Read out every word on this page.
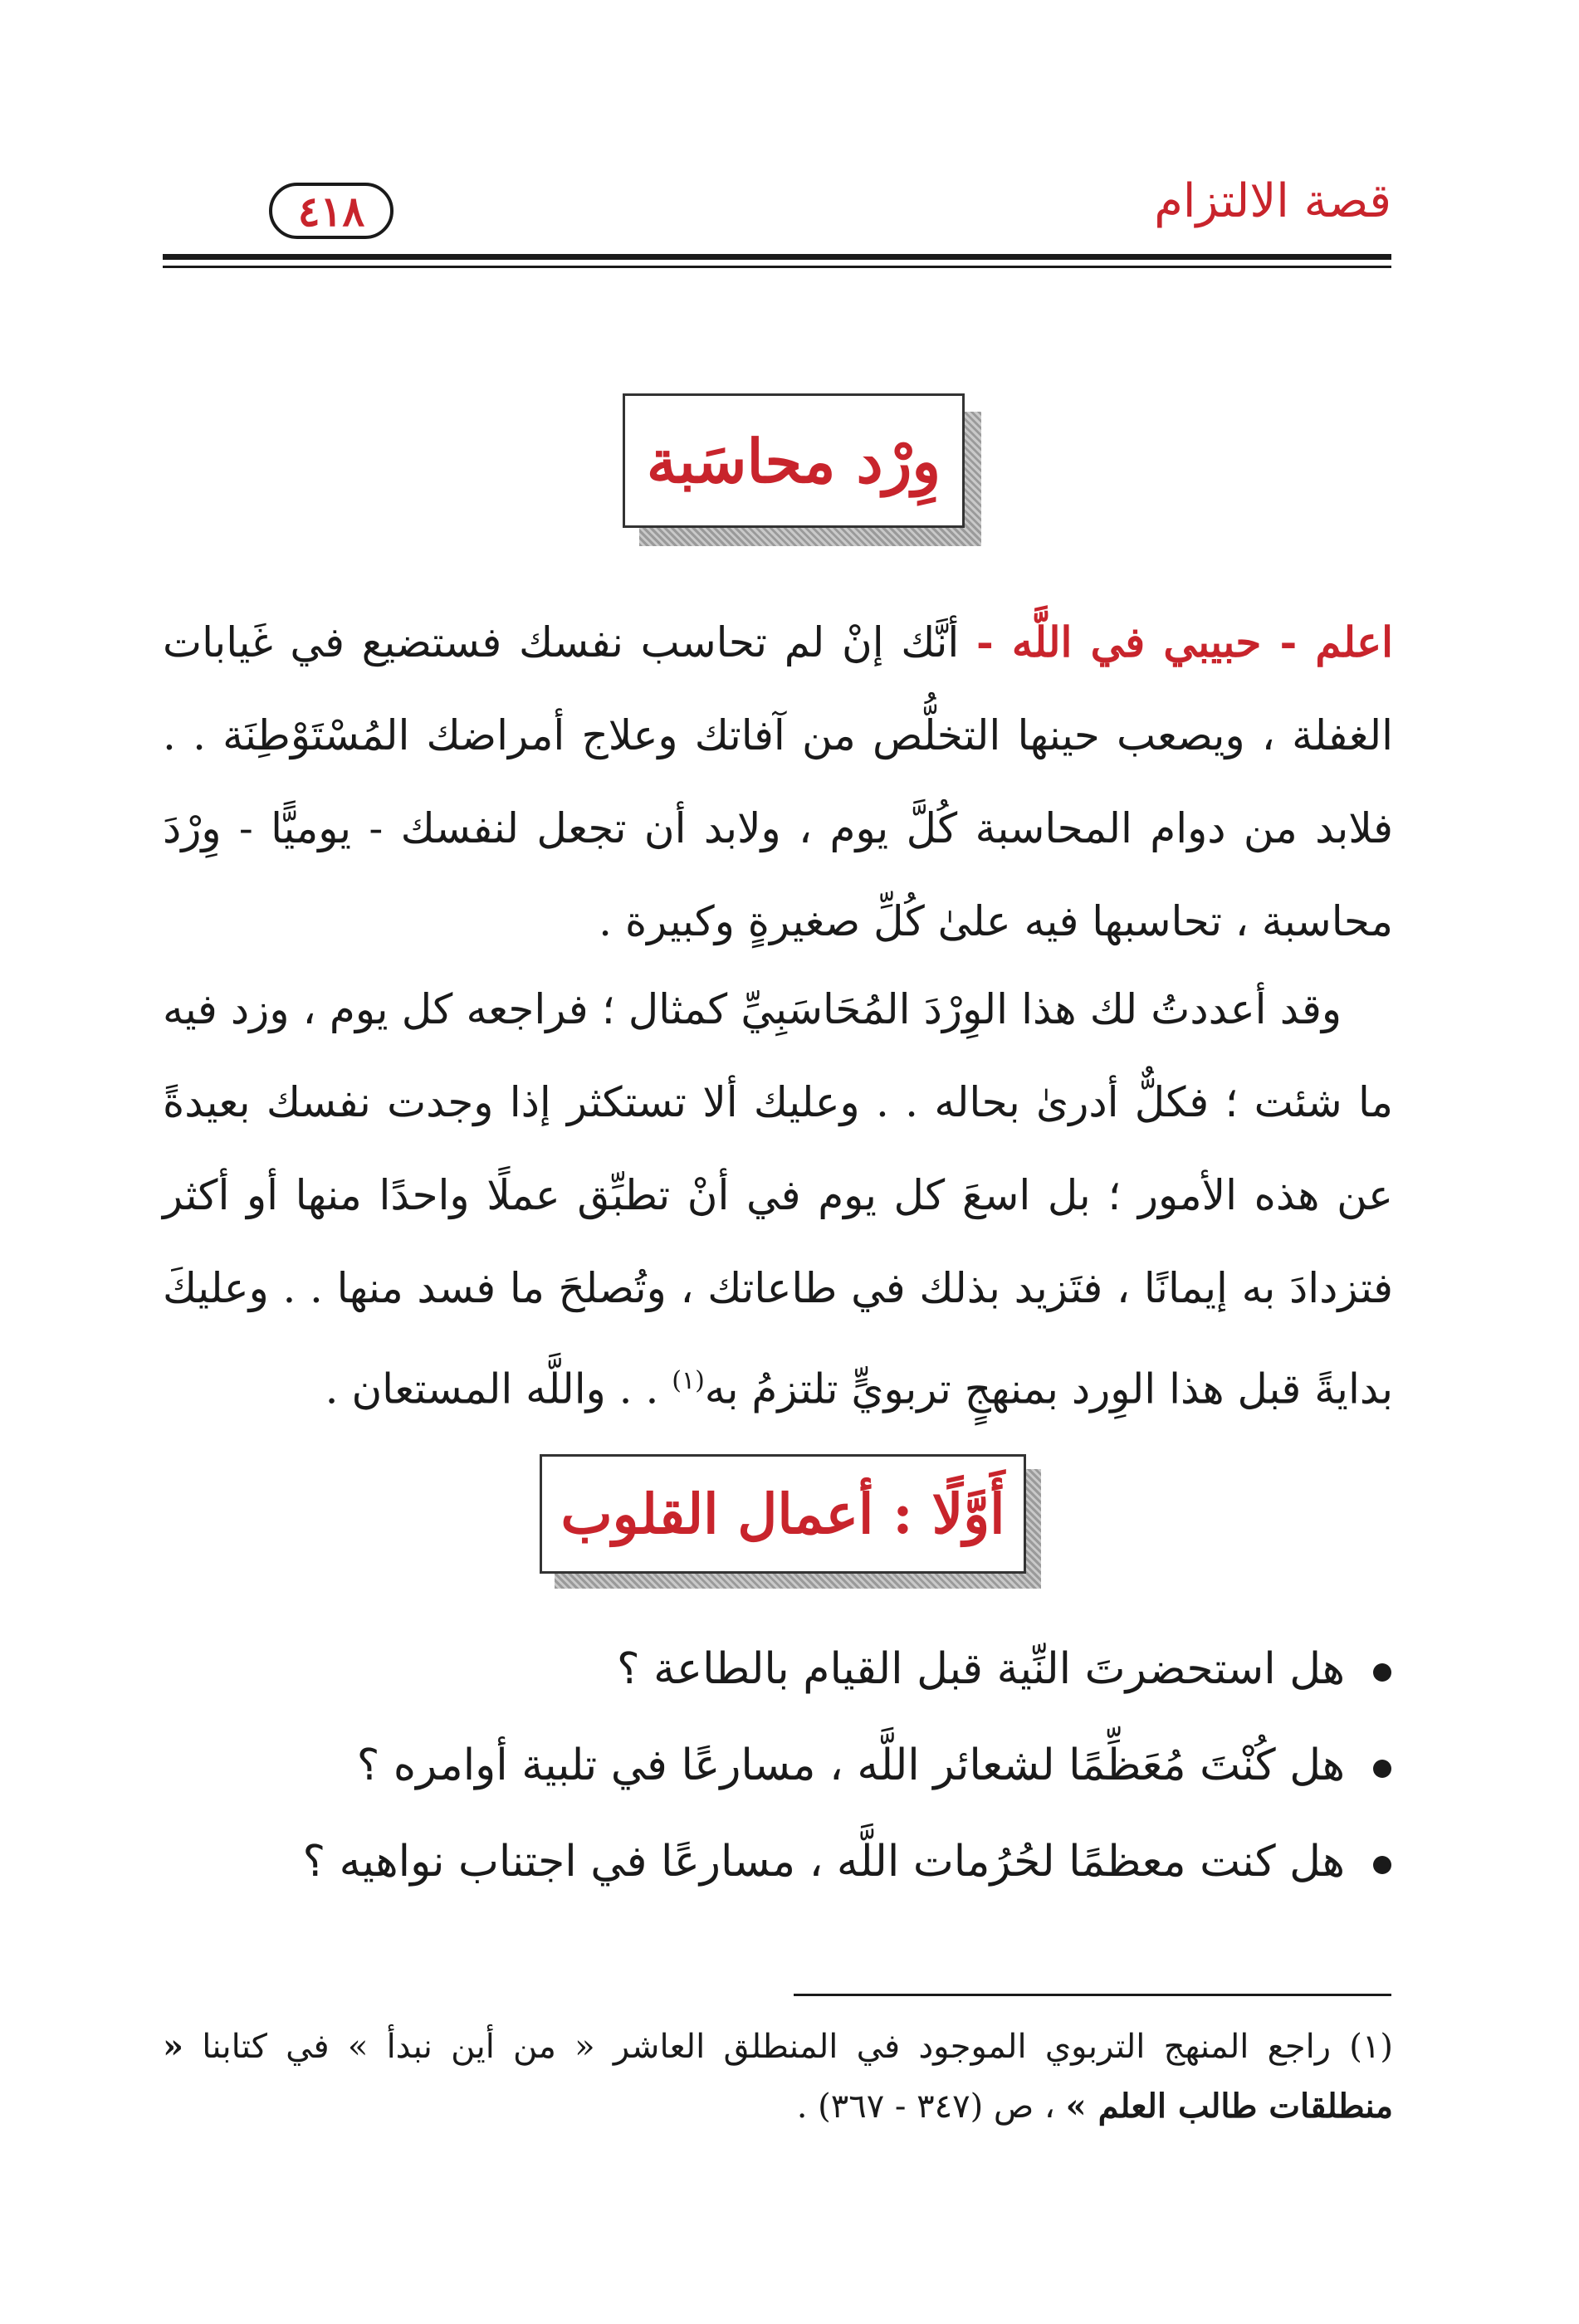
٤١٨	قصة الالتزام
وِرْد محاسَبة
اعلم - حبيبي في اللَّه - أنَّك إنْ لم تحاسب نفسك فستضيع في غَيابات الغفلة ، ويصعب حينها التخلُّص من آفاتك وعلاج أمراضك المُسْتَوْطِنَة . . فلابد من دوام المحاسبة كُلَّ يوم ، ولابد أن تجعل لنفسك - يوميًّا - وِرْدَ محاسبة ، تحاسبها فيه علىٰ كُلِّ صغيرةٍ وكبيرة .
وقد أعددتُ لك هذا الوِرْدَ المُحَاسَبِيِّ كمثال ؛ فراجعه كل يوم ، وزد فيه ما شئت ؛ فكلٌّ أدرىٰ بحاله . . وعليك ألا تستكثر إذا وجدت نفسك بعيدةً عن هذه الأمور ؛ بل اسعَ كل يوم في أنْ تطبِّق عملًا واحدًا منها أو أكثر فتزدادَ به إيمانًا ، فتَزيد بذلك في طاعاتك ، وتُصلحَ ما فسد منها . . وعليكَ بدايةً قبل هذا الوِرد بمنهجٍ تربويٍّ تلتزمُ به$^{(١)}$ . . واللَّه المستعان .
أَوَّلًا : أعمال القلوب
هل استحضرتَ النِّية قبل القيام بالطاعة ؟
هل كُنْتَ مُعَظِّمًا لشعائر اللَّه ، مسارعًا في تلبية أوامره ؟
هل كنت معظمًا لحُرُمات اللَّه ، مسارعًا في اجتناب نواهيه ؟
(١) راجع المنهج التربوي الموجود في المنطلق العاشر « من أين نبدأ » في كتابنا « منطلقات طالب العلم » ، ص (٣٤٧ - ٣٦٧) .
